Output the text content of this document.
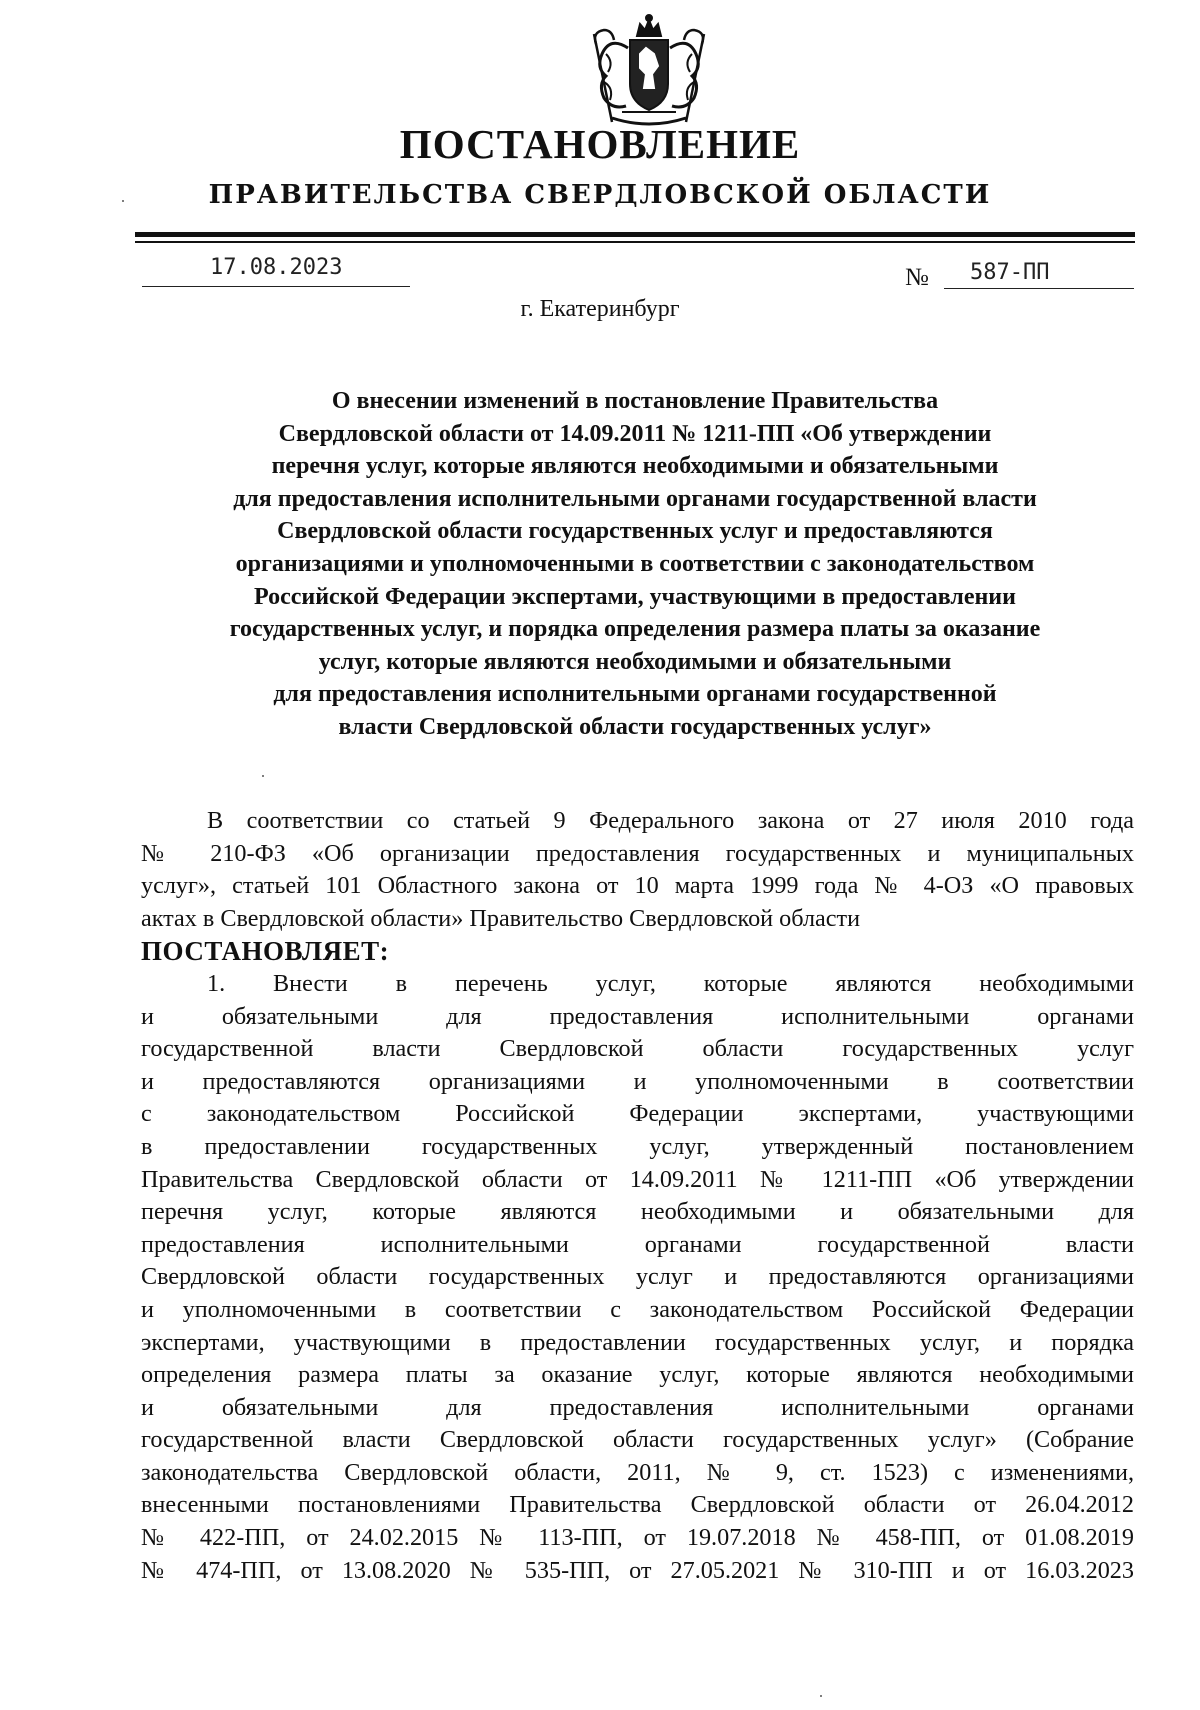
ПОСТАНОВЛЕНИЕ
ПРАВИТЕЛЬСТВА СВЕРДЛОВСКОЙ ОБЛАСТИ
17.08.2023	№ 587-ПП
г. Екатеринбург
О внесении изменений в постановление Правительства
Свердловской области от 14.09.2011 № 1211-ПП «Об утверждении
перечня услуг, которые являются необходимыми и обязательными
для предоставления исполнительными органами государственной власти
Свердловской области государственных услуг и предоставляются
организациями и уполномоченными в соответствии с законодательством
Российской Федерации экспертами, участвующими в предоставлении
государственных услуг, и порядка определения размера платы за оказание
услуг, которые являются необходимыми и обязательными
для предоставления исполнительными органами государственной
власти Свердловской области государственных услуг»
В соответствии со статьей 9 Федерального закона от 27 июля 2010 года
№ 210-ФЗ «Об организации предоставления государственных и муниципальных
услуг», статьей 101 Областного закона от 10 марта 1999 года № 4-ОЗ «О правовых
актах в Свердловской области» Правительство Свердловской области
ПОСТАНОВЛЯЕТ:
1. Внести в перечень услуг, которые являются необходимыми
и обязательными для предоставления исполнительными органами
государственной власти Свердловской области государственных услуг
и предоставляются организациями и уполномоченными в соответствии
с законодательством Российской Федерации экспертами, участвующими
в предоставлении государственных услуг, утвержденный постановлением
Правительства Свердловской области от 14.09.2011 № 1211-ПП «Об утверждении
перечня услуг, которые являются необходимыми и обязательными для
предоставления исполнительными органами государственной власти
Свердловской области государственных услуг и предоставляются организациями
и уполномоченными в соответствии с законодательством Российской Федерации
экспертами, участвующими в предоставлении государственных услуг, и порядка
определения размера платы за оказание услуг, которые являются необходимыми
и обязательными для предоставления исполнительными органами
государственной власти Свердловской области государственных услуг» (Собрание
законодательства Свердловской области, 2011, № 9, ст. 1523) с изменениями,
внесенными постановлениями Правительства Свердловской области от 26.04.2012
№ 422-ПП, от 24.02.2015 № 113-ПП, от 19.07.2018 № 458-ПП, от 01.08.2019
№ 474-ПП, от 13.08.2020 № 535-ПП, от 27.05.2021 № 310-ПП и от 16.03.2023
